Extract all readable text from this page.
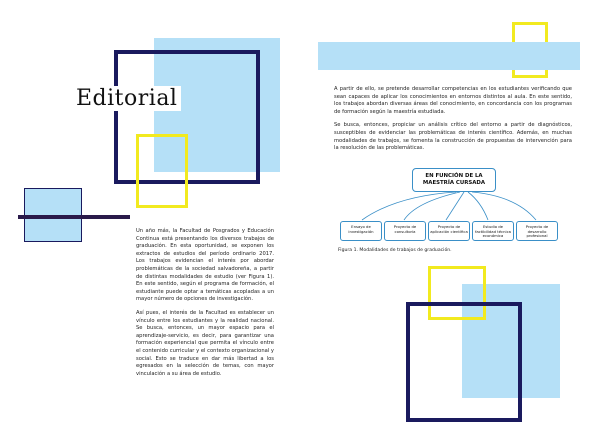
Editorial

Un año más, la Facultad de Posgrados y Educación Continua está presentando los diversos trabajos de graduación. En esta oportunidad, se exponen los extractos de estudios del período ordinario 2017. Los trabajos evidencian el interés por abordar problemáticas de la sociedad salvadoreña, a partir de distintas modalidades de estudio (ver Figura 1). En este sentido, según el programa de formación, el estudiante puede optar a temáticas acopladas a un mayor número de opciones de investigación.

Así pues, el interés de la Facultad es establecer un vínculo entre los estudiantes y la realidad nacional. Se busca, entonces, un mayor espacio para el aprendizaje-servicio, es decir, para garantizar una formación experiencial que permita el vínculo entre el contenido curricular y el contexto organizacional y social. Esto se traduce en dar más libertad a los egresados en la selección de temas, con mayor vinculación a su área de estudio.

A partir de ello, se pretende desarrollar competencias en los estudiantes verificando que sean capaces de aplicar los conocimientos en entornos distintos al aula. En este sentido, los trabajos abordan diversas áreas del conocimiento, en concordancia con los programas de formación según la maestría estudiada.

Se busca, entonces, propiciar un análisis crítico del entorno a partir de diagnósticos, susceptibles de evidenciar las problemáticas de interés científico. Además, en muchas modalidades de trabajos, se fomenta la construcción de propuestas de intervención para la resolución de las problemáticas.

EN FUNCIÓN DE LA MAESTRÍA CURSADA
Ensayo de investigación
Proyecto de consultoría
Proyecto de aplicación científica
Estudio de factibilidad técnica económica
Proyecto de desarrollo profesional
Figura 1. Modalidades de trabajos de graduación.
